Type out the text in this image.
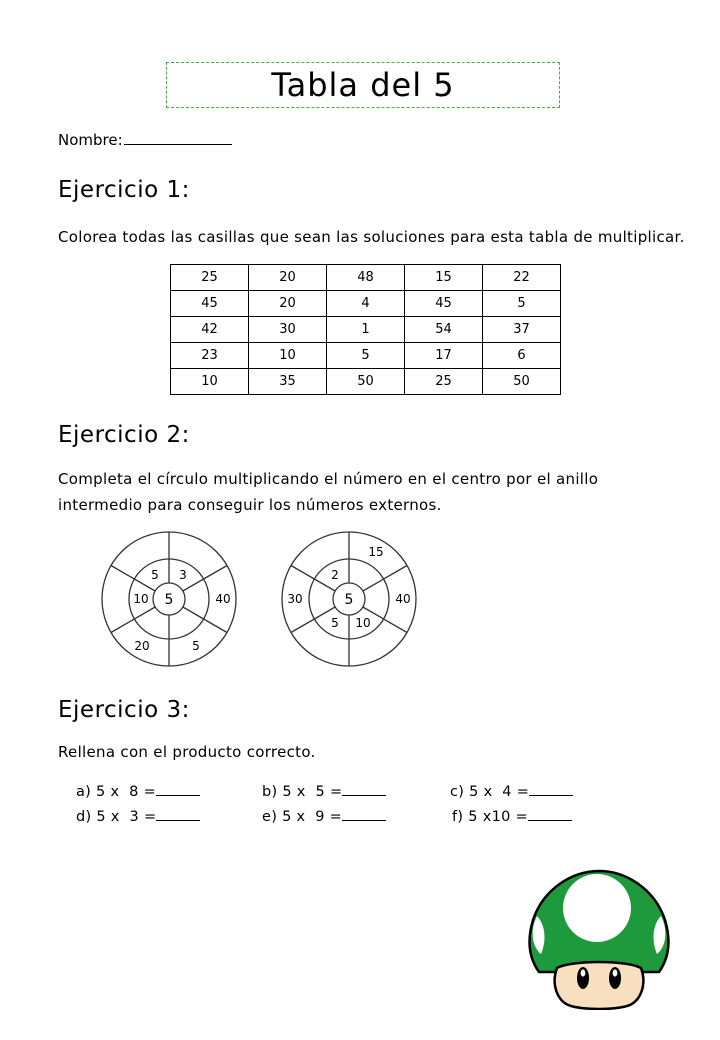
Tabla del 5
Nombre:
Ejercicio 1:
Colorea todas las casillas que sean las soluciones para esta tabla de multiplicar.
25	20	48	15	22
45	20	4	45	5
42	30	1	54	37
23	10	5	17	6
10	35	50	25	50
Ejercicio 2:
Completa el círculo multiplicando el número en el centro por el anillo
intermedio para conseguir los números externos.
5
3
40
5
20
10
5
5
15
40
10
5
30
2
Ejercicio 3:
Rellena con el producto correcto.
a) 5 x  8 =	b) 5 x  5 =	c) 5 x  4 =
d) 5 x  3 =	e) 5 x  9 =	f) 5 x10 =
